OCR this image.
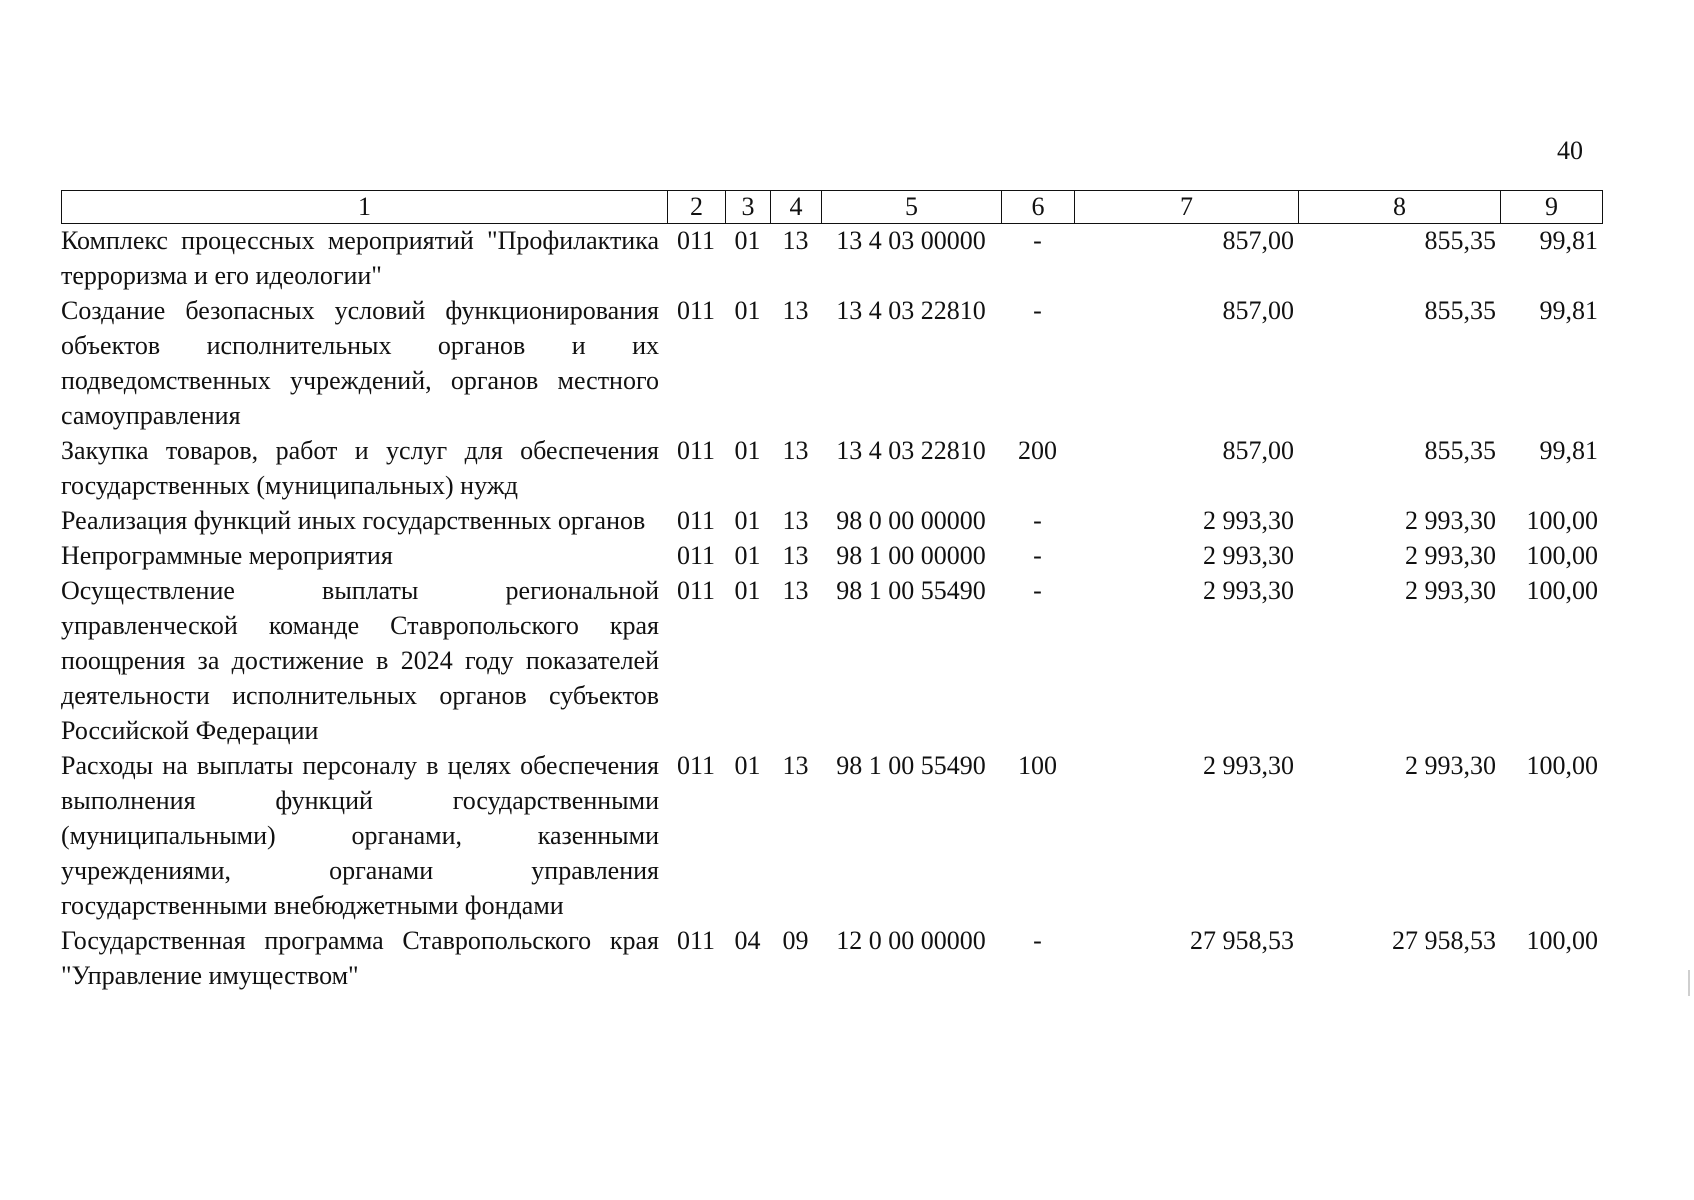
40
1	2	3	4	5	6	7	8	9
Комплекс процессных мероприятий "Профилактика терроризма и его идеологии"	011	01	13	13 4 03 00000	-	857,00	855,35	99,81
Создание безопасных условий функционирования объектов исполнительных органов и их подведомственных учреждений, органов местного самоуправления	011	01	13	13 4 03 22810	-	857,00	855,35	99,81
Закупка товаров, работ и услуг для обеспечения государственных (муниципальных) нужд	011	01	13	13 4 03 22810	200	857,00	855,35	99,81
Реализация функций иных государственных органов	011	01	13	98 0 00 00000	-	2 993,30	2 993,30	100,00
Непрограммные мероприятия	011	01	13	98 1 00 00000	-	2 993,30	2 993,30	100,00
Осуществление выплаты региональной управленческой команде Ставропольского края поощрения за достижение в 2024 году показателей деятельности исполнительных органов субъектов Российской Федерации	011	01	13	98 1 00 55490	-	2 993,30	2 993,30	100,00
Расходы на выплаты персоналу в целях обеспечения выполнения функций государственными (муниципальными) органами, казенными учреждениями, органами управления государственными внебюджетными фондами	011	01	13	98 1 00 55490	100	2 993,30	2 993,30	100,00
Государственная программа Ставропольского края "Управление имуществом"	011	04	09	12 0 00 00000	-	27 958,53	27 958,53	100,00
